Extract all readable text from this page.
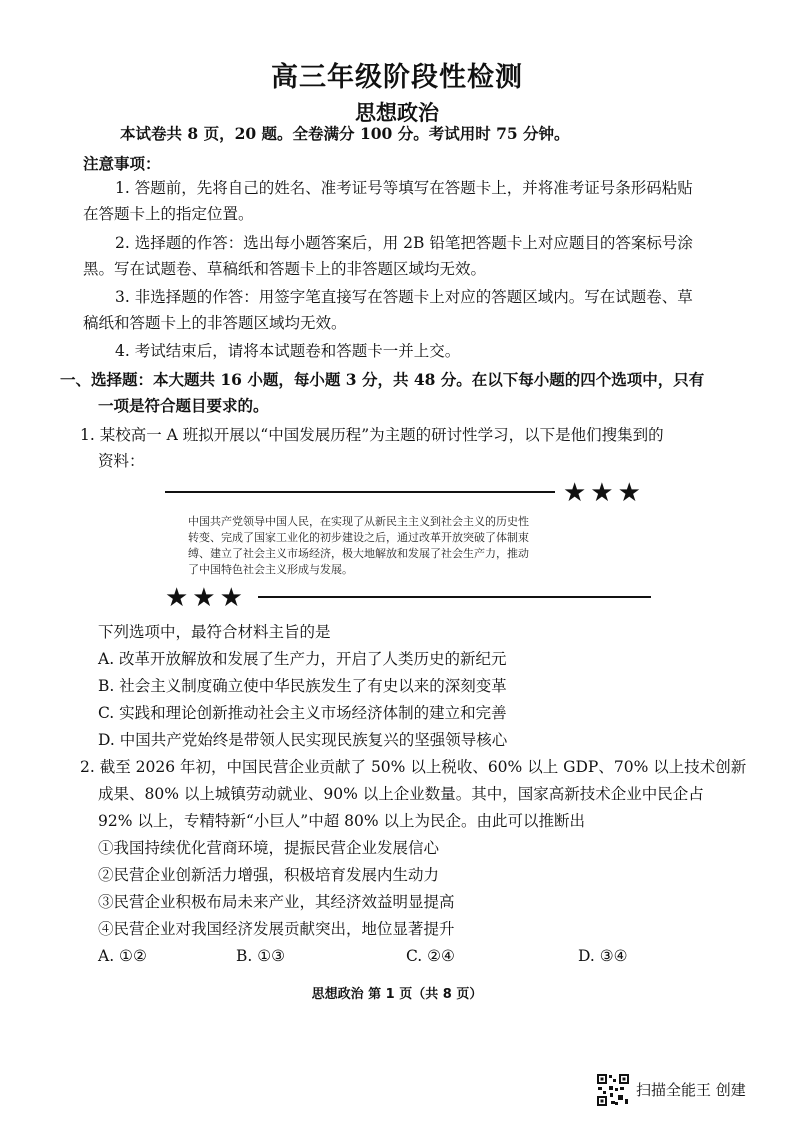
高三年级阶段性检测
思想政治
本试卷共 8 页，20 题。全卷满分 100 分。考试用时 75 分钟。
注意事项：
1. 答题前，先将自己的姓名、准考证号等填写在答题卡上，并将准考证号条形码粘贴
在答题卡上的指定位置。
2. 选择题的作答：选出每小题答案后，用 2B 铅笔把答题卡上对应题目的答案标号涂
黑。写在试题卷、草稿纸和答题卡上的非答题区域均无效。
3. 非选择题的作答：用签字笔直接写在答题卡上对应的答题区域内。写在试题卷、草
稿纸和答题卡上的非答题区域均无效。
4. 考试结束后，请将本试题卷和答题卡一并上交。
一、选择题：本大题共 16 小题，每小题 3 分，共 48 分。在以下每小题的四个选项中，只有
一项是符合题目要求的。
1. 某校高一 A 班拟开展以“中国发展历程”为主题的研讨性学习，以下是他们搜集到的
资料：
★★★
中国共产党领导中国人民，在实现了从新民主主义到社会主义的历史性
转变、完成了国家工业化的初步建设之后，通过改革开放突破了体制束
缚、建立了社会主义市场经济，极大地解放和发展了社会生产力，推动
了中国特色社会主义形成与发展。
★★★
下列选项中，最符合材料主旨的是
A. 改革开放解放和发展了生产力，开启了人类历史的新纪元
B. 社会主义制度确立使中华民族发生了有史以来的深刻变革
C. 实践和理论创新推动社会主义市场经济体制的建立和完善
D. 中国共产党始终是带领人民实现民族复兴的坚强领导核心
2. 截至 2026 年初，中国民营企业贡献了 50% 以上税收、60% 以上 GDP、70% 以上技术创新
成果、80% 以上城镇劳动就业、90% 以上企业数量。其中，国家高新技术企业中民企占
92% 以上，专精特新“小巨人”中超 80% 以上为民企。由此可以推断出
①我国持续优化营商环境，提振民营企业发展信心
②民营企业创新活力增强，积极培育发展内生动力
③民营企业积极布局未来产业，其经济效益明显提高
④民营企业对我国经济发展贡献突出，地位显著提升
A. ①②	B. ①③	C. ②④	D. ③④
思想政治 第 1 页（共 8 页）
扫描全能王 创建
